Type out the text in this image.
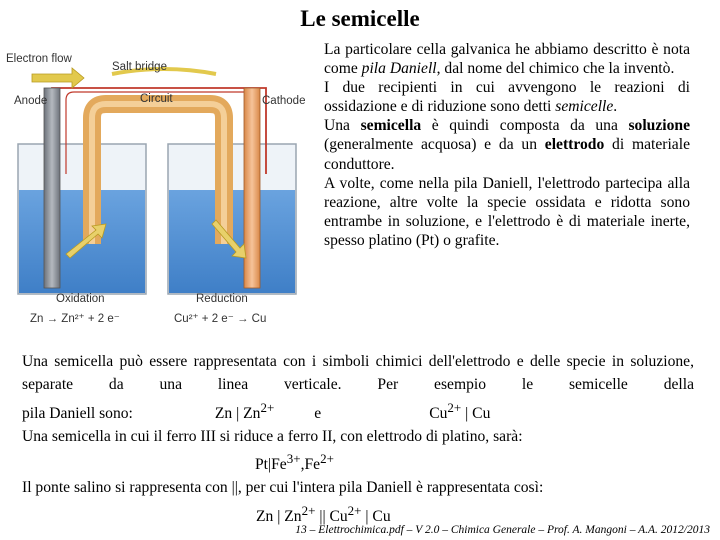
Le semicelle
Electron flow
Salt bridge
Anode	Circuit	Cathode
Oxidation	Reduction
Zn → Zn²⁺ + 2 e⁻	Cu²⁺ + 2 e⁻ → Cu

La particolare cella galvanica he abbiamo descritto è nota come pila Daniell, dal nome del chimico che la inventò.

I due recipienti in cui avvengono le reazioni di ossidazione e di riduzione sono detti semicelle.

Una semicella è quindi composta da una soluzione (generalmente acquosa) e da un elettrodo di materiale conduttore.

A volte, come nella pila Daniell, l'elettrodo partecipa alla reazione, altre volte la specie ossidata e ridotta sono entrambe in soluzione, e l'elettrodo è di materiale inerte, spesso platino (Pt) o grafite.

Una semicella può essere rappresentata con i simboli chimici dell'elettrodo e delle specie in soluzione, separate da una linea verticale. Per esempio le semicelle della
pila Daniell sono:	Zn | $Zn^{2+}$	e	$Cu^{2+}$ | Cu
Una semicella in cui il ferro III si riduce a ferro II, con elettrodo di platino, sarà:
$Pt|Fe^{3+},Fe^{2+}$
Il ponte salino si rappresenta con ||, per cui l'intera pila Daniell è rappresentata così:
Zn | $Zn^{2+}$ || $Cu^{2+}$ | Cu
13 – Elettrochimica.pdf – V 2.0 – Chimica Generale – Prof. A. Mangoni – A.A. 2012/2013
